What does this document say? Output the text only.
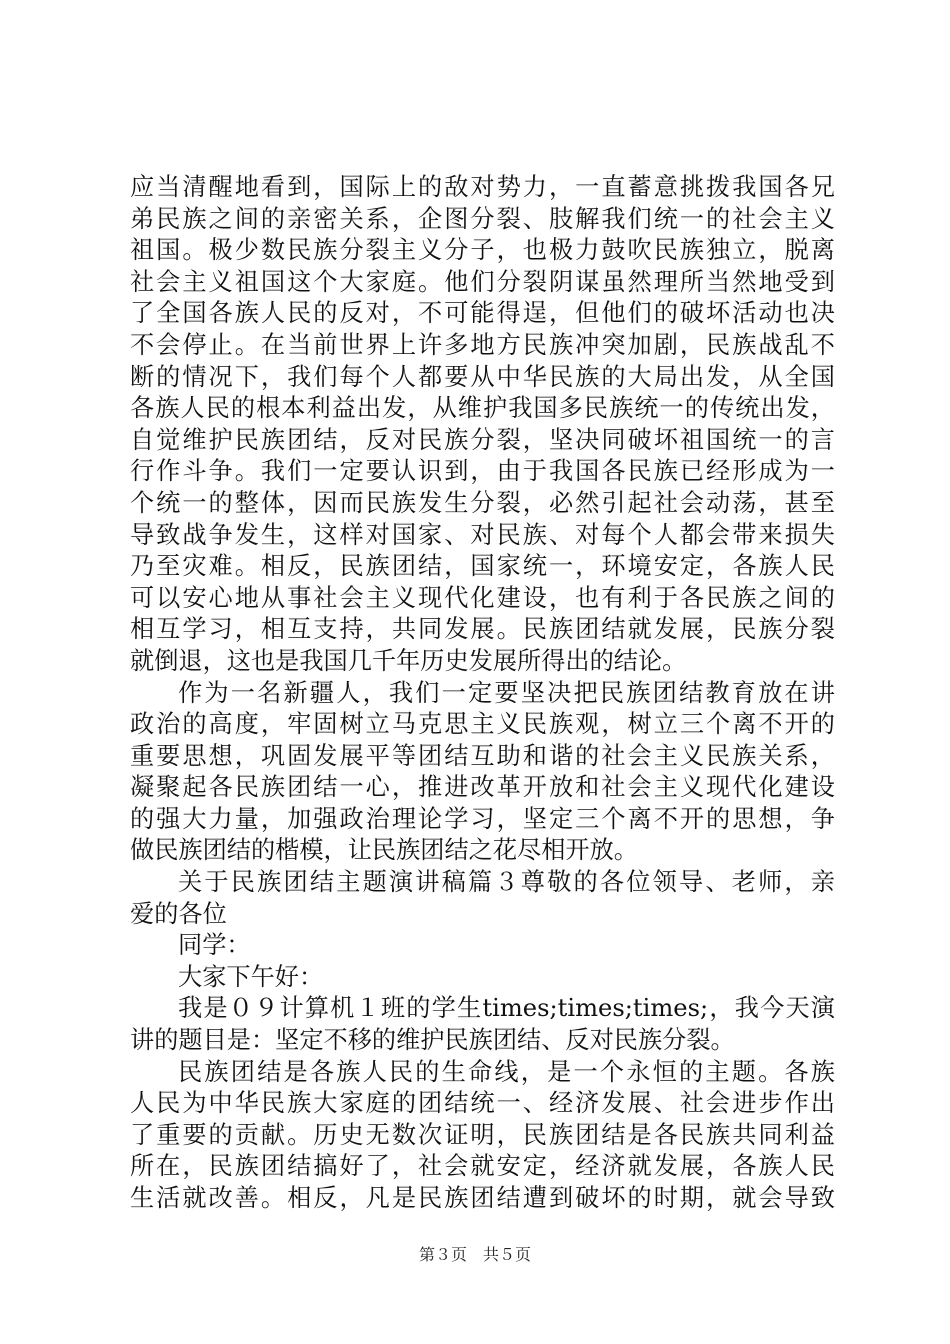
应当清醒地看到，国际上的敌对势力，一直蓄意挑拨我国各兄
弟民族之间的亲密关系，企图分裂、肢解我们统一的社会主义
祖国。极少数民族分裂主义分子，也极力鼓吹民族独立，脱离
社会主义祖国这个大家庭。他们分裂阴谋虽然理所当然地受到
了全国各族人民的反对，不可能得逞，但他们的破坏活动也决
不会停止。在当前世界上许多地方民族冲突加剧，民族战乱不
断的情况下，我们每个人都要从中华民族的大局出发，从全国
各族人民的根本利益出发，从维护我国多民族统一的传统出发，
自觉维护民族团结，反对民族分裂，坚决同破坏祖国统一的言
行作斗争。我们一定要认识到，由于我国各民族已经形成为一
个统一的整体，因而民族发生分裂，必然引起社会动荡，甚至
导致战争发生，这样对国家、对民族、对每个人都会带来损失
乃至灾难。相反，民族团结，国家统一，环境安定，各族人民
可以安心地从事社会主义现代化建设，也有利于各民族之间的
相互学习，相互支持，共同发展。民族团结就发展，民族分裂
就倒退，这也是我国几千年历史发展所得出的结论。
作为一名新疆人，我们一定要坚决把民族团结教育放在讲
政治的高度，牢固树立马克思主义民族观，树立三个离不开的
重要思想，巩固发展平等团结互助和谐的社会主义民族关系，
凝聚起各民族团结一心，推进改革开放和社会主义现代化建设
的强大力量，加强政治理论学习，坚定三个离不开的思想，争
做民族团结的楷模，让民族团结之花尽相开放。
关于民族团结主题演讲稿篇３尊敬的各位领导、老师，亲
爱的各位
同学：
大家下午好：
我是０９计算机１班的学生times;times;times;，我今天演
讲的题目是：坚定不移的维护民族团结、反对民族分裂。
民族团结是各族人民的生命线，是一个永恒的主题。各族
人民为中华民族大家庭的团结统一、经济发展、社会进步作出
了重要的贡献。历史无数次证明，民族团结是各民族共同利益
所在，民族团结搞好了，社会就安定，经济就发展，各族人民
生活就改善。相反，凡是民族团结遭到破坏的时期，就会导致
第３页　共５页
